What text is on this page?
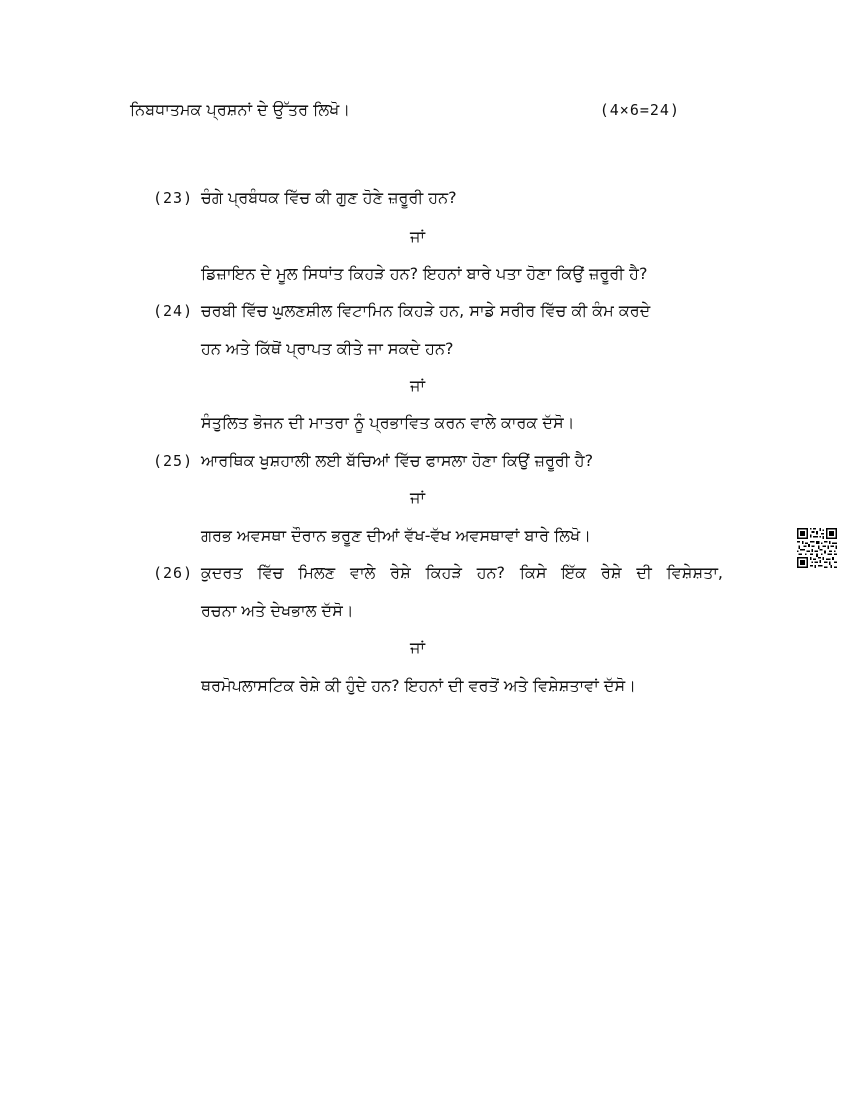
ਨਿਬਧਾਤਮਕ ਪ੍ਰਸ਼ਨਾਂ ਦੇ ਉੱਤਰ ਲਿਖੋ।	(4×6=24)
(23) ਚੰਗੇ ਪ੍ਰਬੰਧਕ ਵਿੱਚ ਕੀ ਗੁਣ ਹੋਣੇ ਜ਼ਰੂਰੀ ਹਨ?
ਜਾਂ
ਡਿਜ਼ਾਇਨ ਦੇ ਮੂਲ ਸਿਧਾਂਤ ਕਿਹੜੇ ਹਨ? ਇਹਨਾਂ ਬਾਰੇ ਪਤਾ ਹੋਣਾ ਕਿਉਂ ਜ਼ਰੂਰੀ ਹੈ?
(24) ਚਰਬੀ ਵਿੱਚ ਘੁਲਣਸ਼ੀਲ ਵਿਟਾਮਿਨ ਕਿਹੜੇ ਹਨ, ਸਾਡੇ ਸਰੀਰ ਵਿੱਚ ਕੀ ਕੰਮ ਕਰਦੇ
ਹਨ ਅਤੇ ਕਿੱਥੋਂ ਪ੍ਰਾਪਤ ਕੀਤੇ ਜਾ ਸਕਦੇ ਹਨ?
ਜਾਂ
ਸੰਤੁਲਿਤ ਭੋਜਨ ਦੀ ਮਾਤਰਾ ਨੂੰ ਪ੍ਰਭਾਵਿਤ ਕਰਨ ਵਾਲੇ ਕਾਰਕ ਦੱਸੋ।
(25) ਆਰਥਿਕ ਖੁਸ਼ਹਾਲੀ ਲਈ ਬੱਚਿਆਂ ਵਿੱਚ ਫਾਸਲਾ ਹੋਣਾ ਕਿਉਂ ਜ਼ਰੂਰੀ ਹੈ?
ਜਾਂ
ਗਰਭ ਅਵਸਥਾ ਦੌਰਾਨ ਭਰੂਣ ਦੀਆਂ ਵੱਖ-ਵੱਖ ਅਵਸਥਾਵਾਂ ਬਾਰੇ ਲਿਖੋ।
(26) ਕੁਦਰਤ ਵਿੱਚ ਮਿਲਣ ਵਾਲੇ ਰੇਸ਼ੇ ਕਿਹੜੇ ਹਨ? ਕਿਸੇ ਇੱਕ ਰੇਸ਼ੇ ਦੀ ਵਿਸ਼ੇਸ਼ਤਾ,
ਰਚਨਾ ਅਤੇ ਦੇਖਭਾਲ ਦੱਸੋ।
ਜਾਂ
ਥਰਮੋਪਲਾਸਟਿਕ ਰੇਸ਼ੇ ਕੀ ਹੁੰਦੇ ਹਨ? ਇਹਨਾਂ ਦੀ ਵਰਤੋਂ ਅਤੇ ਵਿਸ਼ੇਸ਼ਤਾਵਾਂ ਦੱਸੋ।
